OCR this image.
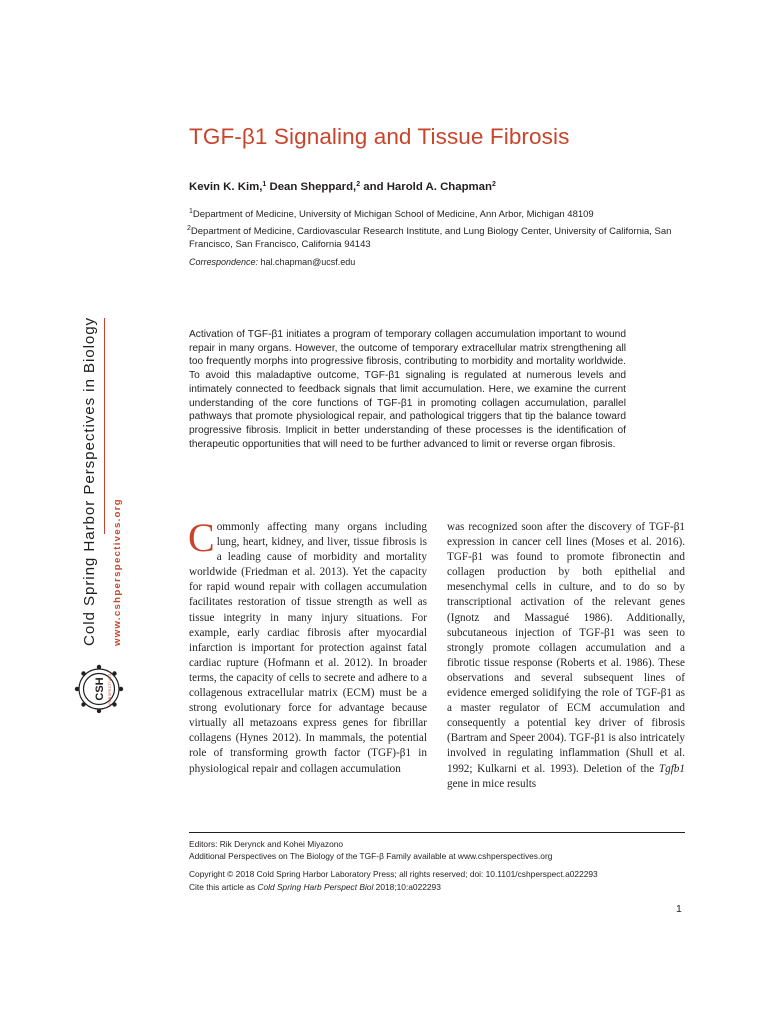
Cold Spring Harbor Perspectives in Biology www.cshperspectives.org
CSH PERSPECTIVES
TGF-β1 Signaling and Tissue Fibrosis
Kevin K. Kim,$^1$ Dean Sheppard,$^2$ and Harold A. Chapman$^2$
$^1$Department of Medicine, University of Michigan School of Medicine, Ann Arbor, Michigan 48109
$^2$Department of Medicine, Cardiovascular Research Institute, and Lung Biology Center, University of California, San Francisco, San Francisco, California 94143
Correspondence: hal.chapman@ucsf.edu

Activation of TGF-β1 initiates a program of temporary collagen accumulation important to wound repair in many organs. However, the outcome of temporary extracellular matrix strengthening all too frequently morphs into progressive fibrosis, contributing to morbidity and mortality worldwide. To avoid this maladaptive outcome, TGF-β1 signaling is regulated at numerous levels and intimately connected to feedback signals that limit accumulation. Here, we examine the current understanding of the core functions of TGF-β1 in promoting collagen accumulation, parallel pathways that promote physiological repair, and pathological triggers that tip the balance toward progressive fibrosis. Implicit in better understanding of these processes is the identification of therapeutic opportunities that will need to be further advanced to limit or reverse organ fibrosis.

Commonly affecting many organs including lung, heart, kidney, and liver, tissue fibrosis is a leading cause of morbidity and mortality worldwide (Friedman et al. 2013). Yet the capacity for rapid wound repair with collagen accumulation facilitates restoration of tissue strength as well as tissue integrity in many injury situations. For example, early cardiac fibrosis after myocardial infarction is important for protection against fatal cardiac rupture (Hofmann et al. 2012). In broader terms, the capacity of cells to secrete and adhere to a collagenous extracellular matrix (ECM) must be a strong evolutionary force for advantage because virtually all metazoans express genes for fibrillar collagens (Hynes 2012). In mammals, the potential role of transforming growth factor (TGF)-β1 in physiological repair and collagen accumulation

was recognized soon after the discovery of TGF-β1 expression in cancer cell lines (Moses et al. 2016). TGF-β1 was found to promote fibronectin and collagen production by both epithelial and mesenchymal cells in culture, and to do so by transcriptional activation of the relevant genes (Ignotz and Massagué 1986). Additionally, subcutaneous injection of TGF-β1 was seen to strongly promote collagen accumulation and a fibrotic tissue response (Roberts et al. 1986). These observations and several subsequent lines of evidence emerged solidifying the role of TGF-β1 as a master regulator of ECM accumulation and consequently a potential key driver of fibrosis (Bartram and Speer 2004). TGF-β1 is also intricately involved in regulating inflammation (Shull et al. 1992; Kulkarni et al. 1993). Deletion of the Tgfb1 gene in mice results

Editors: Rik Derynck and Kohei Miyazono

Additional Perspectives on The Biology of the TGF-β Family available at www.cshperspectives.org

Copyright © 2018 Cold Spring Harbor Laboratory Press; all rights reserved; doi: 10.1101/cshperspect.a022293

Cite this article as Cold Spring Harb Perspect Biol 2018;10:a022293

1
